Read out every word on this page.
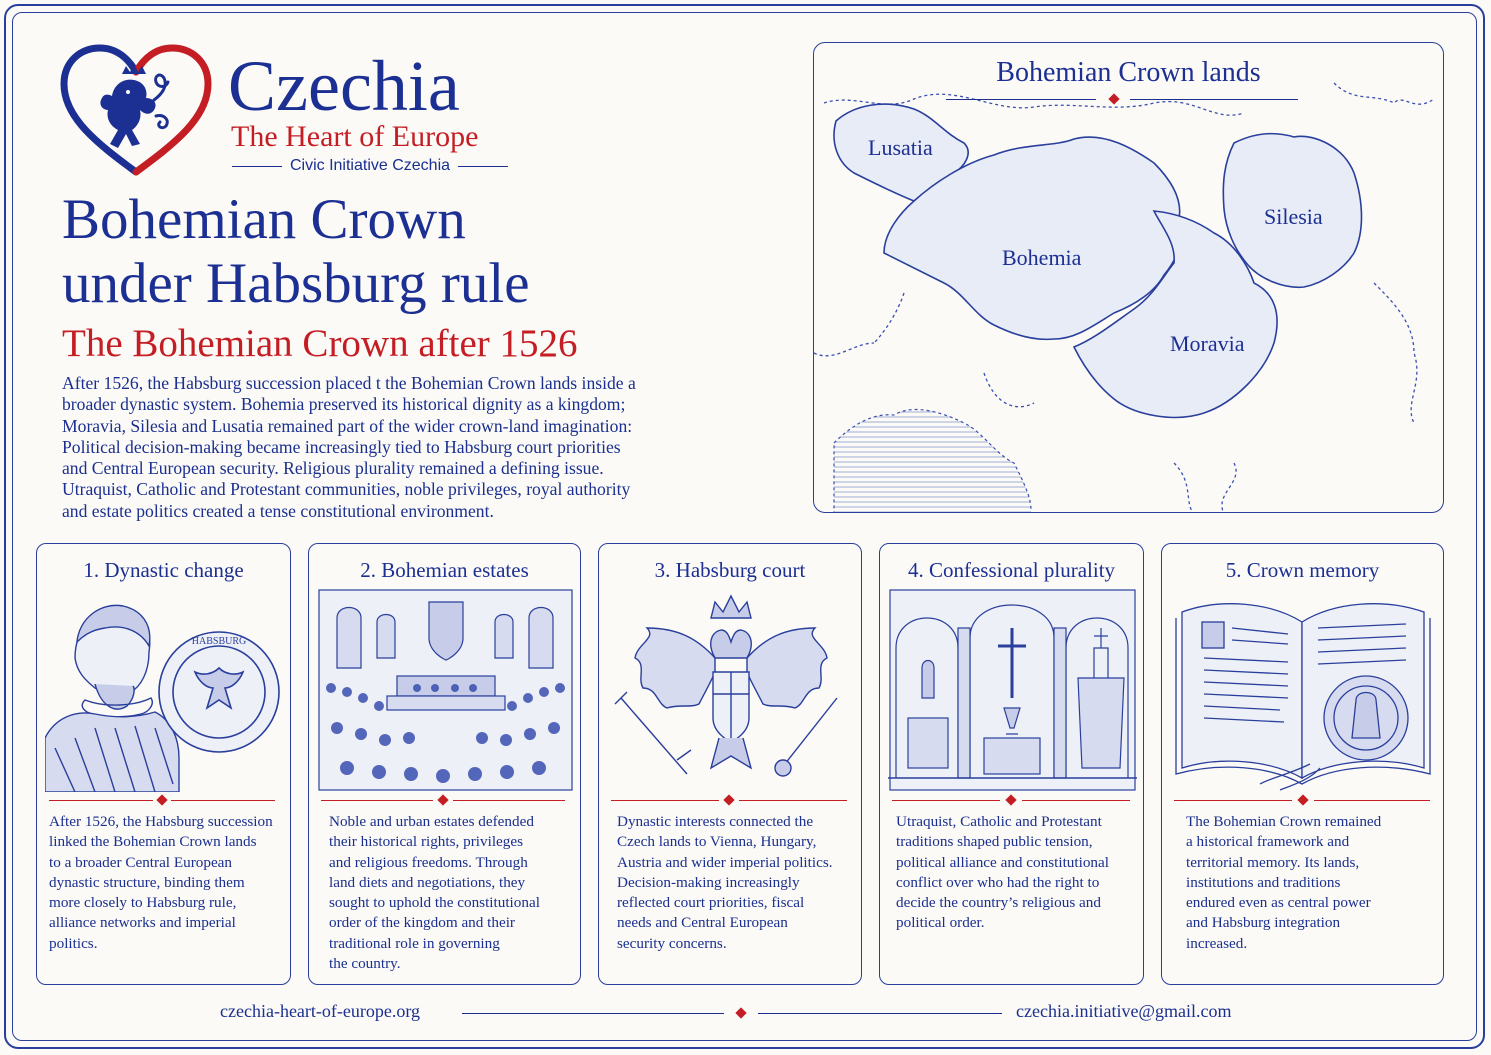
Czechia
The Heart of Europe
Civic Initiative Czechia
Bohemian Crown
under Habsburg rule
The Bohemian Crown after 1526
After 1526, the Habsburg succession placed t the Bohemian Crown lands inside a
broader dynastic system. Bohemia preserved its historical dignity as a kingdom;
Moravia, Silesia and Lusatia remained part of the wider crown-land imagination:
Political decision-making became increasingly tied to Habsburg court priorities
and Central European security. Religious plurality remained a defining issue.
Utraquist, Catholic and Protestant communities, noble privileges, royal authority
and estate politics created a tense constitutional environment.
Bohemian Crown lands
Lusatia
Bohemia
Silesia
Moravia
1. Dynastic change
HABSBURG
After 1526, the Habsburg succession
linked the Bohemian Crown lands
to a broader Central European
dynastic structure, binding them
more closely to Habsburg rule,
alliance networks and imperial
politics.
2. Bohemian estates
Noble and urban estates defended
their historical rights, privileges
and religious freedoms. Through
land diets and negotiations, they
sought to uphold the constitutional
order of the kingdom and their
traditional role in governing
the country.
3. Habsburg court
Dynastic interests connected the
Czech lands to Vienna, Hungary,
Austria and wider imperial politics.
Decision-making increasingly
reflected court priorities, fiscal
needs and Central European
security concerns.
4. Confessional plurality
Utraquist, Catholic and Protestant
traditions shaped public tension,
political alliance and constitutional
conflict over who had the right to
decide the country’s religious and
political order.
5. Crown memory
The Bohemian Crown remained
a historical framework and
territorial memory. Its lands,
institutions and traditions
endured even as central power
and Habsburg integration
increased.
czechia-heart-of-europe.org	czechia.initiative@gmail.com
